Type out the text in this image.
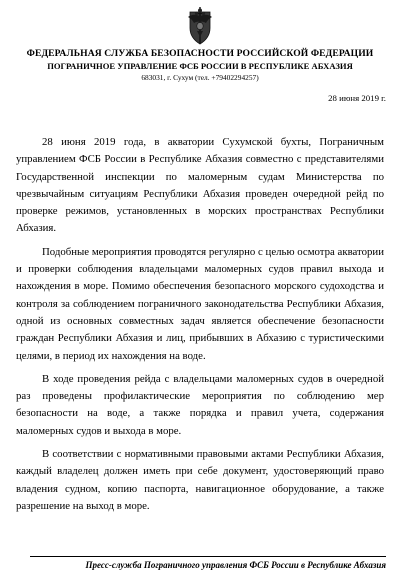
ФЕДЕРАЛЬНАЯ СЛУЖБА БЕЗОПАСНОСТИ РОССИЙСКОЙ ФЕДЕРАЦИИ
ПОГРАНИЧНОЕ УПРАВЛЕНИЕ ФСБ РОССИИ В РЕСПУБЛИКЕ АБХАЗИЯ
683031, г. Сухум (тел. +79402294257)
28 июня 2019 г.

28 июня 2019 года, в акватории Сухумской бухты, Пограничным управлением ФСБ России в Республике Абхазия совместно с представителями Государственной инспекции по маломерным судам Министерства по чрезвычайным ситуациям Республики Абхазия проведен очередной рейд по проверке режимов, установленных в морских пространствах Республики Абхазия.

Подобные мероприятия проводятся регулярно с целью осмотра акватории и проверки соблюдения владельцами маломерных судов правил выхода и нахождения в море. Помимо обеспечения безопасного морского судоходства и контроля за соблюдением пограничного законодательства Республики Абхазия, одной из основных совместных задач является обеспечение безопасности граждан Республики Абхазия и лиц, прибывших в Абхазию с туристическими целями, в период их нахождения на воде.

В ходе проведения рейда с владельцами маломерных судов в очередной раз проведены профилактические мероприятия по соблюдению мер безопасности на воде, а также порядка и правил учета, содержания маломерных судов и выхода в море.

В соответствии с нормативными правовыми актами Республики Абхазия, каждый владелец должен иметь при себе документ, удостоверяющий право владения судном, копию паспорта, навигационное оборудование, а также разрешение на выход в море.

Пресс-служба Пограничного управления ФСБ России в Республике Абхазия
